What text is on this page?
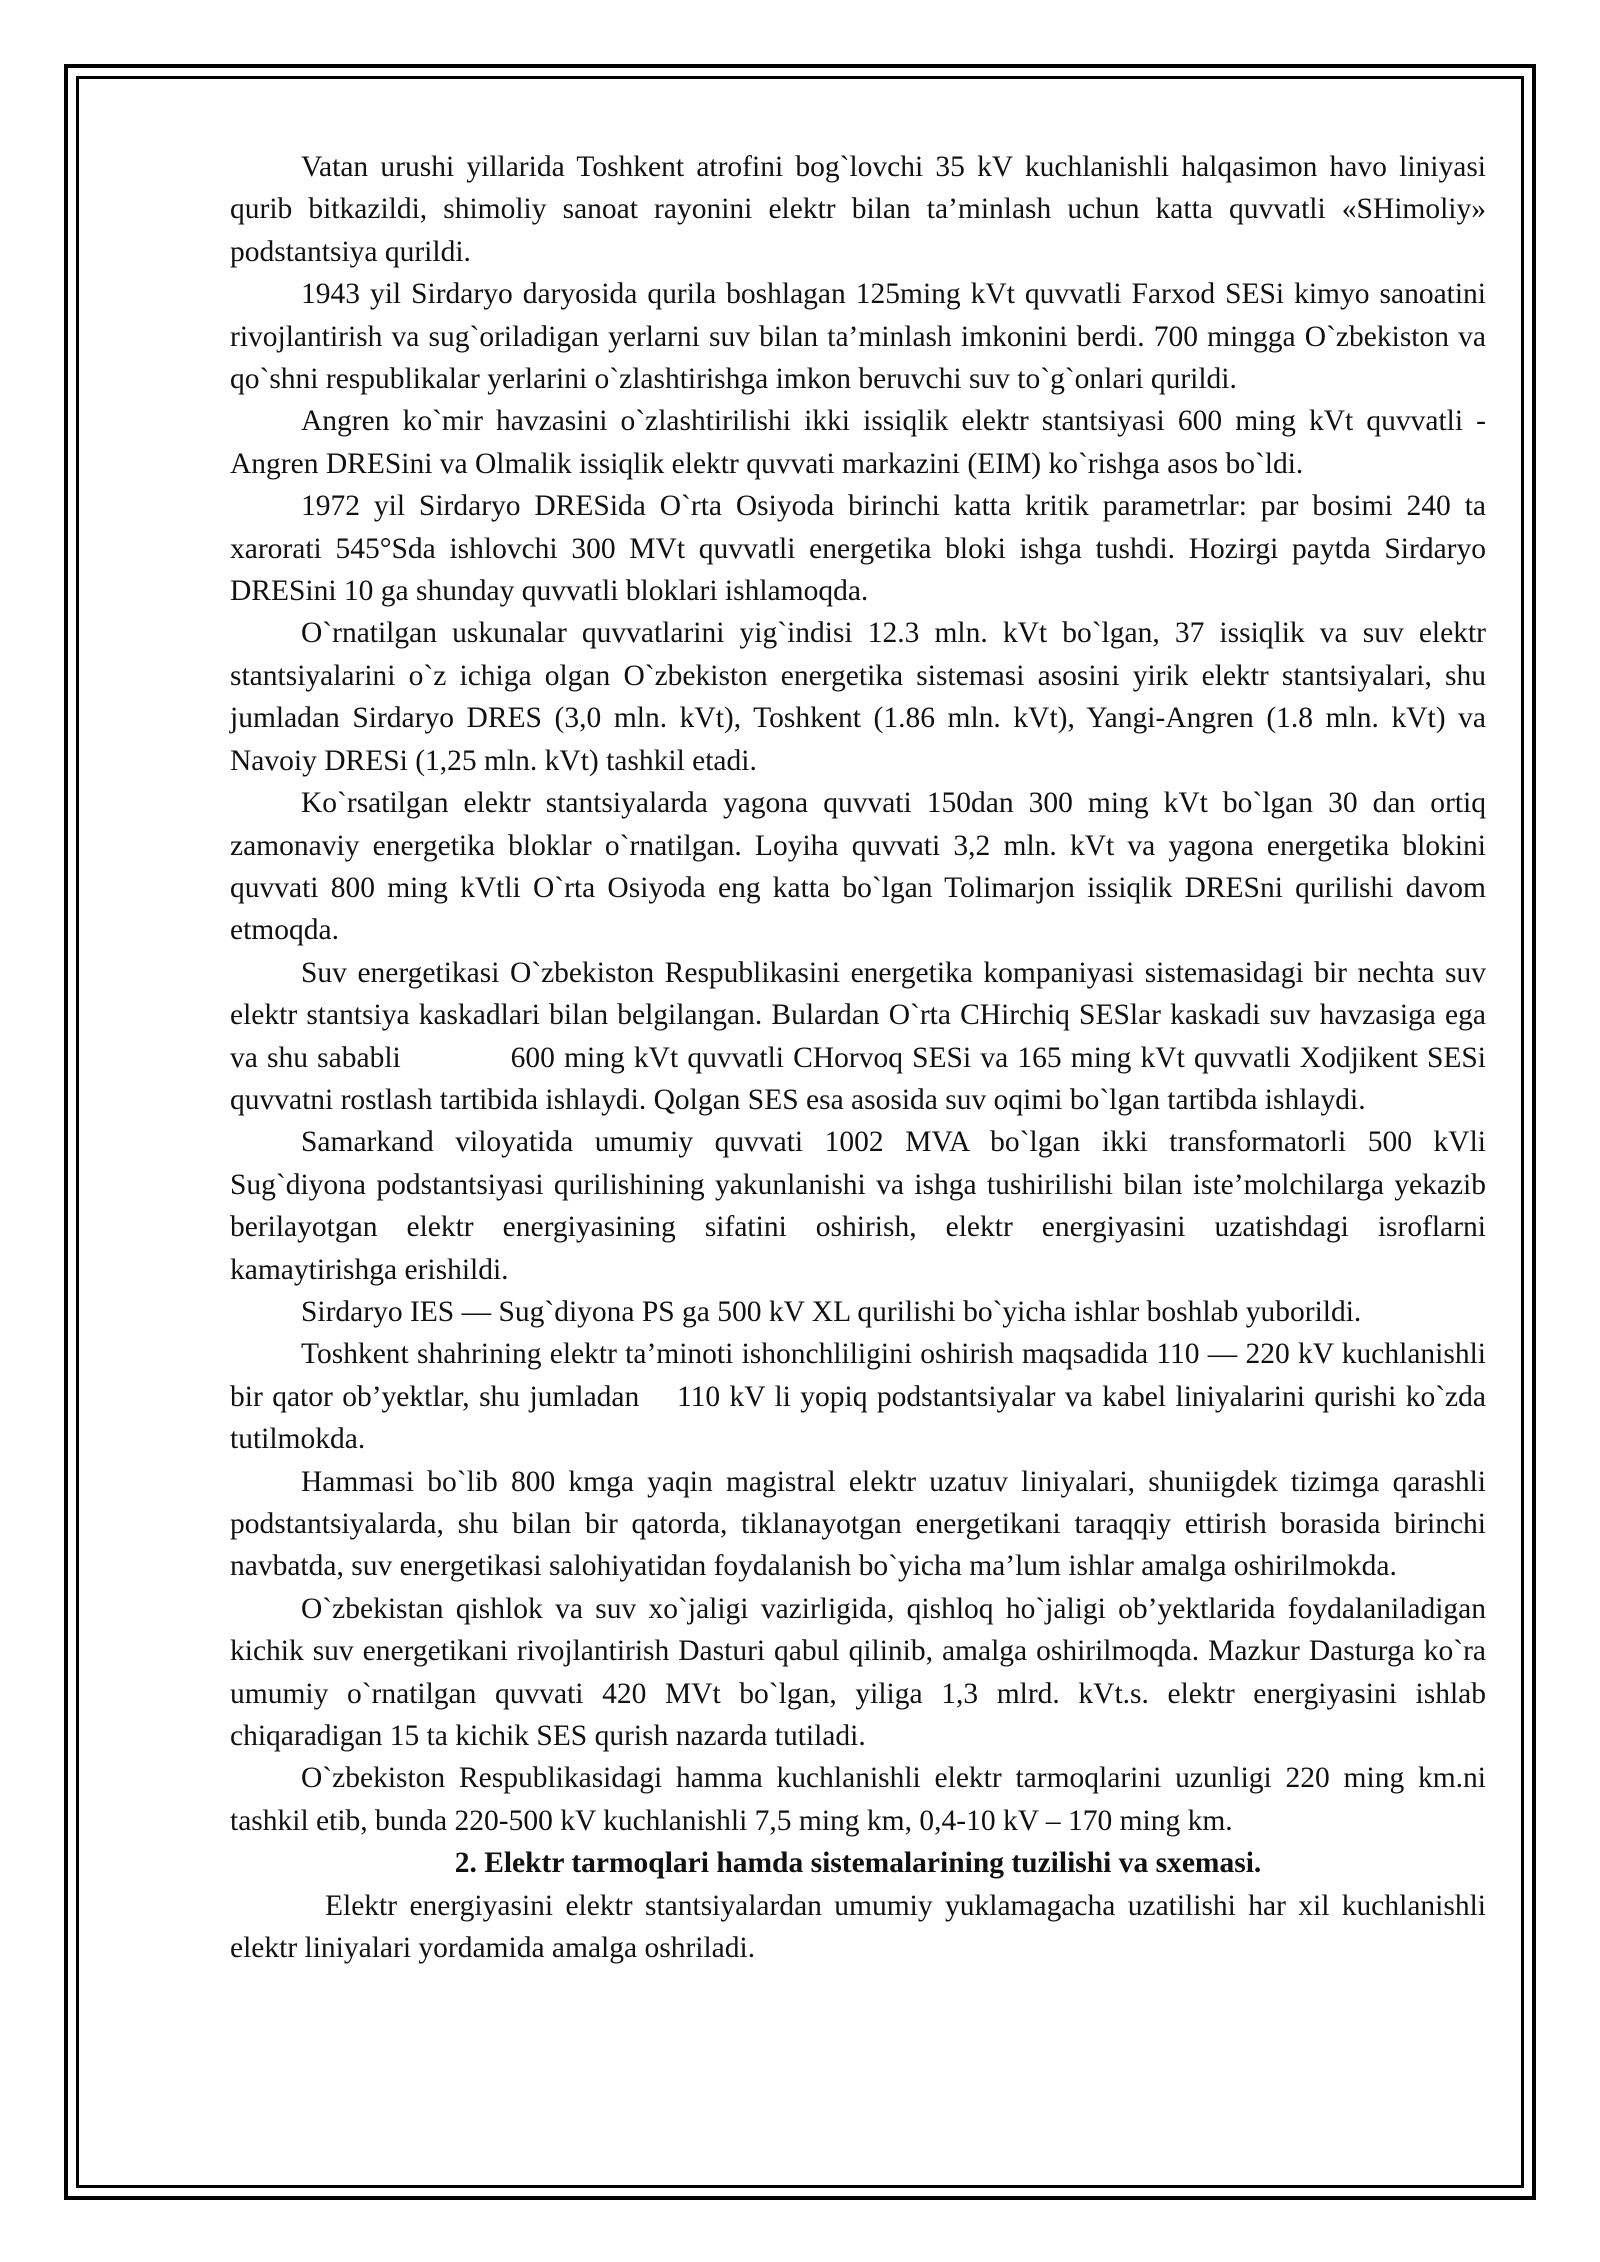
Vatan urushi yillarida Toshkent atrofini bog`lovchi 35 kV kuchlanishli halqasimon havo liniyasi qurib bitkazildi, shimoliy sanoat rayonini elektr bilan ta’minlash uchun katta quvvatli «SHimoliy» podstantsiya qurildi.

1943 yil Sirdaryo daryosida qurila boshlagan 125ming kVt quvvatli Farxod SESi kimyo sanoatini rivojlantirish va sug`oriladigan yerlarni suv bilan ta’minlash imkonini berdi. 700 mingga O`zbekiston va qo`shni respublikalar yerlarini o`zlashtirishga imkon beruvchi suv to`g`onlari qurildi.

Angren ko`mir havzasini o`zlashtirilishi ikki issiqlik elektr stantsiyasi 600 ming kVt quvvatli - Angren DRESini va Olmalik issiqlik elektr quvvati markazini (EIM) ko`rishga asos bo`ldi.

1972 yil Sirdaryo DRESida O`rta Osiyoda birinchi katta kritik parametrlar: par bosimi 240 ta xarorati 545°Sda ishlovchi 300 MVt quvvatli energetika bloki ishga tushdi. Hozirgi paytda Sirdaryo DRESini 10 ga shunday quvvatli bloklari ishlamoqda.

O`rnatilgan uskunalar quvvatlarini yig`indisi 12.3 mln. kVt bo`lgan, 37 issiqlik va suv elektr stantsiyalarini o`z ichiga olgan O`zbekiston energetika sistemasi asosini yirik elektr stantsiyalari, shu jumladan Sirdaryo DRES (3,0 mln. kVt), Toshkent (1.86 mln. kVt), Yangi-Angren (1.8 mln. kVt) va Navoiy DRESi (1,25 mln. kVt) tashkil etadi.

Ko`rsatilgan elektr stantsiyalarda yagona quvvati 150dan 300 ming kVt bo`lgan 30 dan ortiq zamonaviy energetika bloklar o`rnatilgan. Loyiha quvvati 3,2 mln. kVt va yagona energetika blokini quvvati 800 ming kVtli O`rta Osiyoda eng katta bo`lgan Tolimarjon issiqlik DRESni qurilishi davom etmoqda.

Suv energetikasi O`zbekiston Respublikasini energetika kompaniyasi sistemasidagi bir nechta suv elektr stantsiya kaskadlari bilan belgilangan. Bulardan O`rta CHirchiq SESlar kaskadi suv havzasiga ega va shu sababli            600 ming kVt quvvatli CHorvoq SESi va 165 ming kVt quvvatli Xodjikent SESi quvvatni rostlash tartibida ishlaydi. Qolgan SES esa asosida suv oqimi bo`lgan tartibda ishlaydi.

Samarkand viloyatida umumiy quvvati 1002 MVA bo`lgan ikki transformatorli 500 kVli Sug`diyona podstantsiyasi qurilishining yakunlanishi va ishga tushirilishi bilan iste’molchilarga yekazib berilayotgan elektr energiyasining sifatini oshirish, elektr energiyasini uzatishdagi isroflarni kamaytirishga erishildi.

Sirdaryo IES — Sug`diyona PS ga 500 kV XL qurilishi bo`yicha ishlar boshlab yuborildi.

Toshkent shahrining elektr ta’minoti ishonchliligini oshirish maqsadida 110 — 220 kV kuchlanishli bir qator ob’yektlar, shu jumladan    110 kV li yopiq podstantsiyalar va kabel liniyalarini qurishi ko`zda tutilmokda.

Hammasi bo`lib 800 kmga yaqin magistral elektr uzatuv liniyalari, shuniigdek tizimga qarashli podstantsiyalarda, shu bilan bir qatorda, tiklanayotgan energetikani taraqqiy ettirish borasida birinchi navbatda, suv energetikasi salohiyatidan foydalanish bo`yicha ma’lum ishlar amalga oshirilmokda.

O`zbekistan qishlok va suv xo`jaligi vazirligida, qishloq ho`jaligi ob’yektlarida foydalaniladigan kichik suv energetikani rivojlantirish Dasturi qabul qilinib, amalga oshirilmoqda. Mazkur Dasturga ko`ra umumiy o`rnatilgan quvvati 420 MVt bo`lgan, yiliga 1,3 mlrd. kVt.s. elektr energiyasini ishlab chiqaradigan 15 ta kichik SES qurish nazarda tutiladi.

O`zbekiston Respublikasidagi hamma kuchlanishli elektr tarmoqlarini uzunligi 220 ming km.ni tashkil etib, bunda 220-500 kV kuchlanishli 7,5 ming km, 0,4-10 kV – 170 ming km.

2. Elektr tarmoqlari hamda sistemalarining tuzilishi va sxemasi.

Elektr energiyasini elektr stantsiyalardan umumiy yuklamagacha uzatilishi har xil kuchlanishli elektr liniyalari yordamida amalga oshriladi.
